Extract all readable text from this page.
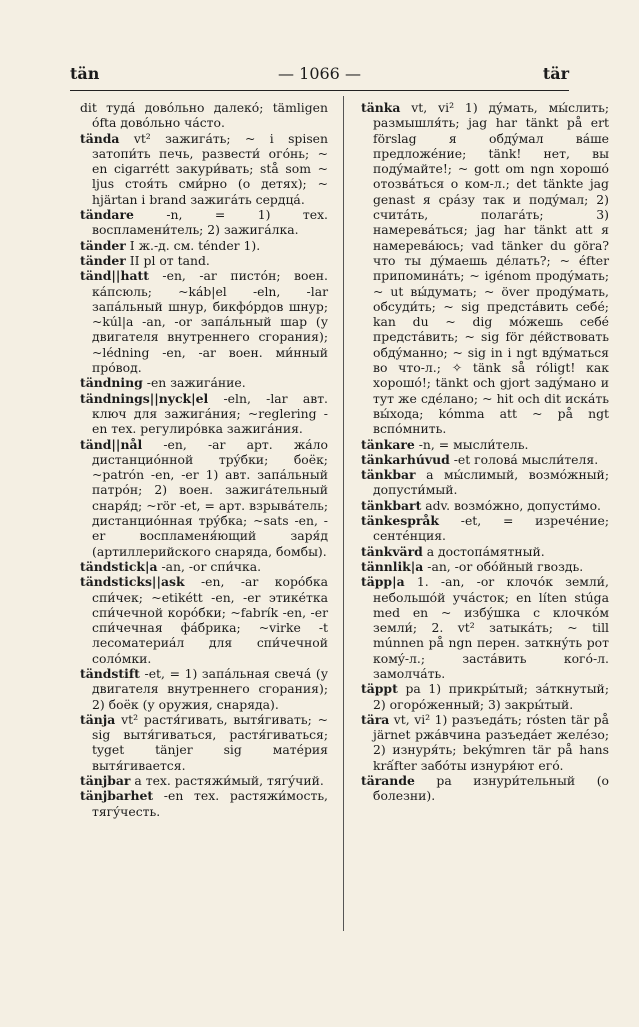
tän	— 1066 —	tär

dit тудá довóльно далекó; tämligen ófta довóльно чáсто.

tända vt² зажигáть; ~ i spisen затопи́ть печь, развести́ огóнь; ~ en cigarrétt закури́вать; stå som ~ ljus стоя́ть сми́рно (о детях); ~ hjärtan i brand зажигáть сердцá.

tändare -n, = 1) тех. воспламени́тель; 2) зажигáлка.

tänder I ж.-д. см. ténder 1).

tänder II pl от tand.

tänd||hatt -en, -ar пистóн; воен. кáпсюль; ~káb|el -eln, -lar запáльный шнур, бикфóрдов шнур; ~kúl|a -an, -or запáльный шар (у двигателя внутреннего сгорания); ~lédning -en, -ar воен. ми́нный прóвод.

tändning -en зажигáние.

tändnings||nyck|el -eln, -lar авт. ключ для зажигáния; ~reglering -en тех. регулирóвка зажигáния.

tänd||nål -en, -ar арт. жáло дистанциóнной трýбки; боёк; ~patrón -en, -er 1) авт. запáльный патрóн; 2) воен. зажигáтельный снаря́д; ~rör -et, = арт. взрывáтель; дистанциóнная трýбка; ~sats -en, -er воспламеня́ющий заря́д (артиллерийского снаряда, бомбы).

tändstick|a -an, -or спи́чка.

tändsticks||ask -en, -ar корóбка спи́чек; ~etikétt -en, -er этикéтка спи́чечной корóбки; ~fabrík -en, -er спи́чечная фáбрика; ~virke -t лесоматериáл для спи́чечной солóмки.

tändstift -et, = 1) запáльная свечá (у двигателя внутреннего сгорания); 2) боёк (у оружия, снаряда).

tänja vt² растя́гивать, вытя́гивать; ~ sig вытя́гиваться, растя́гиваться; tyget tänjer sig матéрия вытя́гивается.

tänjbar a тех. растяжи́мый, тягýчий.

tänjbarhet -en тех. растяжи́мость, тягýчесть.

tänka vt, vi² 1) дýмать, мы́слить; размышля́ть; jag har tänkt på ert förslag я обдýмал вáше предложéние; tänk! нет, вы подýмайте!; ~ gott om ngn хорошó отозвáться о ком-л.; det tänkte jag genast я срáзу так и подýмал; 2) считáть, полагáть; 3) намеревáться; jag har tänkt att я намеревáюсь; vad tänker du göra? что ты дýмаешь дéлать?; ~ éfter припоминáть; ~ igénom продýмать; ~ ut вы́думать; ~ över продýмать, обсуди́ть; ~ sig предстáвить себé; kan du ~ dig мóжешь себé предстáвить; ~ sig för дéйствовать обдýманно; ~ sig in i ngt вдýматься во что-л.; ✧ tänk så róligt! как хорошó!; tänkt och gjort задýмано и тут же сдéлано; ~ hit och dit искáть вы́хода; kómma att ~ på ngt вспóмнить.

tänkare -n, = мысли́тель.

tänkarhúvud -et головá мысли́теля.

tänkbar a мы́слимый, возмóжный; допусти́мый.

tänkbart adv. возмóжно, допусти́мо.

tänkespråk -et, = изречéние; сентéнция.

tänkvärd a достопáмятный.

tännlik|a -an, -or обóйный гвоздь.

täpp|a 1. -an, -or клочóк земли́, небольшóй учáсток; en líten stúga med en ~ избýшка с клочкóм земли́; 2. vt² затыкáть; ~ till múnnen på ngn перен. заткнýть рот комý-л.; застáвить когó-л. замолчáть.

täppt pa 1) прикры́тый; зáткнутый; 2) огорóженный; 3) закры́тый.

tära vt, vi² 1) разъедáть; rósten tär på järnet ржáвчина разъедáет желéзо; 2) изнуря́ть; bekýmren tär på hans krấfter забóты изнуря́ют егó.

tärande pa изнури́тельный (о болезни).
